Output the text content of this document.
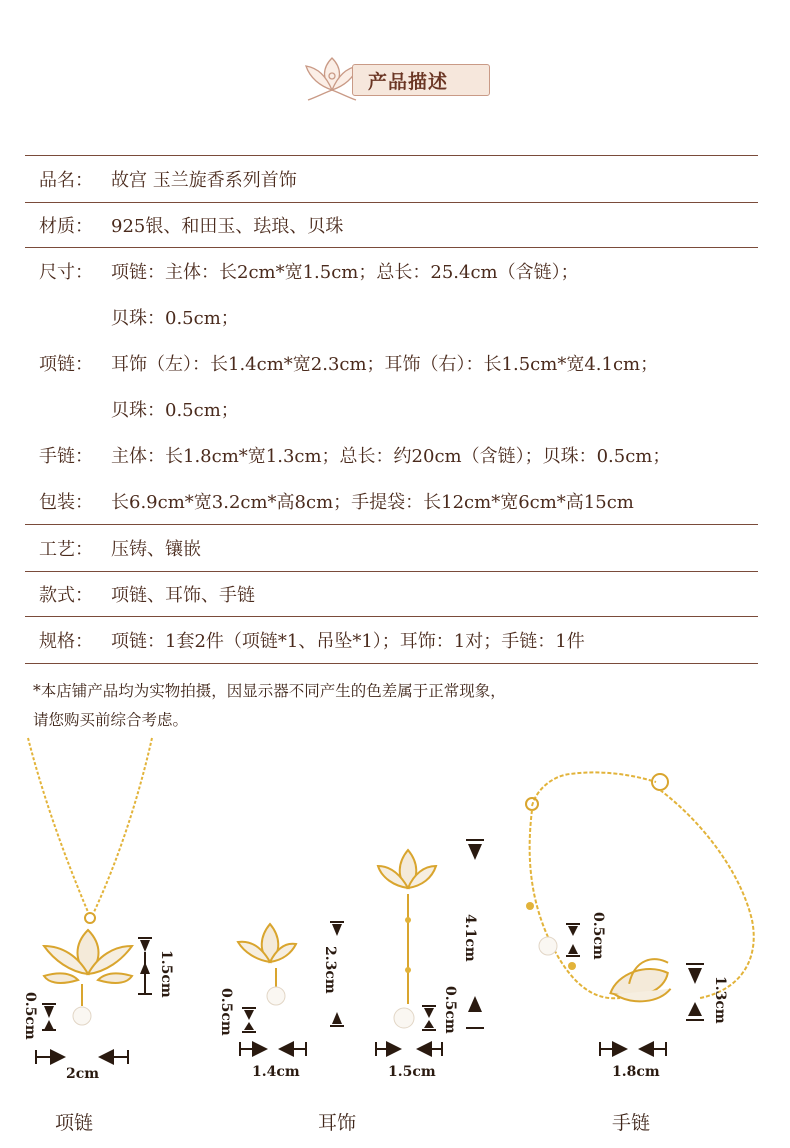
产品描述
品名：	故宫 玉兰旋香系列首饰
材质：	925银、和田玉、珐琅、贝珠
尺寸：	项链：主体：长2cm*宽1.5cm；总长：25.4cm（含链）；
贝珠：0.5cm；
项链：	耳饰（左）：长1.4cm*宽2.3cm；耳饰（右）：长1.5cm*宽4.1cm；
贝珠：0.5cm；
手链：	主体：长1.8cm*宽1.3cm；总长：约20cm（含链）；贝珠：0.5cm；
包装：	长6.9cm*宽3.2cm*高8cm；手提袋：长12cm*宽6cm*高15cm
工艺：	压铸、镶嵌
款式：	项链、耳饰、手链
规格：	项链：1套2件（项链*1、吊坠*1）；耳饰：1对；手链：1件
*本店铺产品均为实物拍摄，因显示器不同产生的色差属于正常现象，
请您购买前综合考虑。
1.5cm
0.5cm
2cm
2.3cm
0.5cm
1.4cm
4.1cm
0.5cm
1.5cm
0.5cm
1.3cm
1.8cm
项链	耳饰	手链
